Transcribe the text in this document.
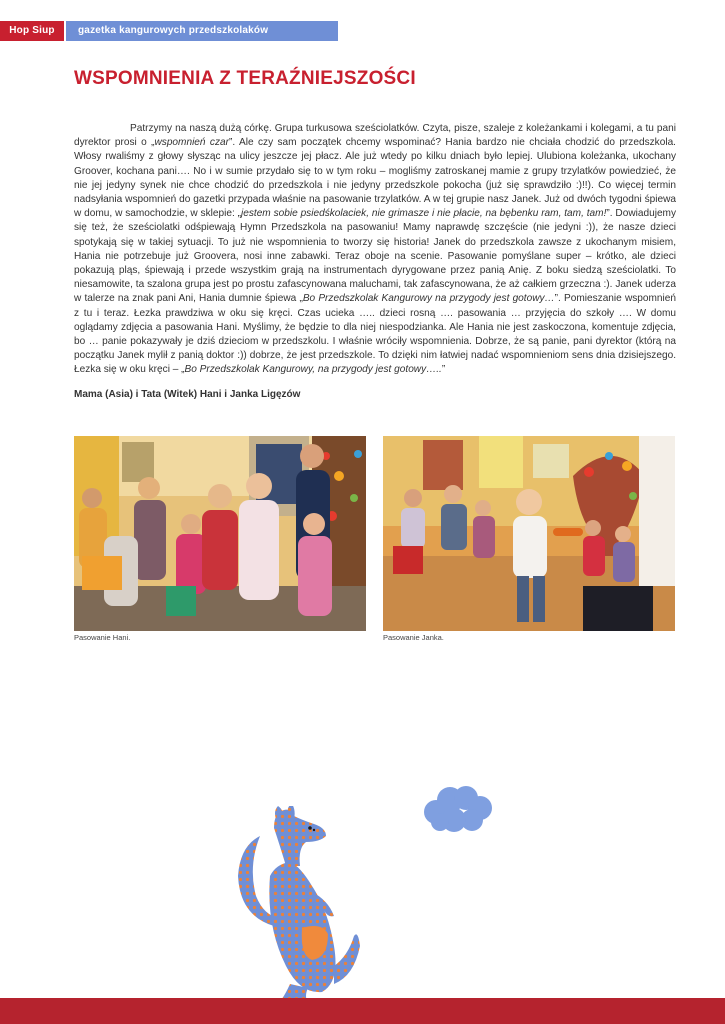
Hop Siup	gazetka kangurowych przedszkolaków
WSPOMNIENIA Z TERAŹNIEJSZOŚCI

Patrzymy na naszą dużą córkę. Grupa turkusowa sześciolatków. Czyta, pisze, szaleje z koleżankami i kolegami, a tu pani dyrektor prosi o „wspomnień czar”. Ale czy sam początek chcemy wspominać? Hania bardzo nie chciała chodzić do przedszkola. Włosy rwaliśmy z głowy słysząc na ulicy jeszcze jej płacz. Ale już wtedy po kilku dniach było lepiej. Ulubiona koleżanka, ukochany Groover, kochana pani…. No i w sumie przydało się to w tym roku – mogliśmy zatroskanej mamie z grupy trzylatków powiedzieć, że nie jej jedyny synek nie chce chodzić do przedszkola i nie jedyny przedszkole pokocha (już się sprawdziło :)!!). Co więcej termin nadsyłania wspomnień do gazetki przypada właśnie na pasowanie trzylatków. A w tej grupie nasz Janek. Już od dwóch tygodni śpiewa w domu, w samochodzie, w sklepie: „jestem sobie psiedśkolaciek, nie grimasze i nie płacie, na bębenku ram, tam, tam!”. Dowiadujemy się też, że sześciolatki odśpiewają Hymn Przedszkola na pasowaniu! Mamy naprawdę szczęście (nie jedyni :)), że nasze dzieci spotykają się w takiej sytuacji. To już nie wspomnienia to tworzy się historia! Janek do przedszkola zawsze z ukochanym misiem, Hania nie potrzebuje już Groovera, nosi inne zabawki. Teraz oboje na scenie. Pasowanie pomyślane super – krótko, ale dzieci pokazują pląs, śpiewają i przede wszystkim grają na instrumentach dyrygowane przez panią Anię. Z boku siedzą sześciolatki. To niesamowite, ta szalona grupa jest po prostu zafascynowana maluchami, tak zafascynowana, że aż całkiem grzeczna :). Janek uderza w talerze na znak pani Ani, Hania dumnie śpiewa „Bo Przedszkolak Kangurowy na przygody jest gotowy…”. Pomieszanie wspomnień z tu i teraz. Łezka prawdziwa w oku się kręci. Czas ucieka ….. dzieci rosną …. pasowania … przyjęcia do szkoły …. W domu oglądamy zdjęcia a pasowania Hani. Myślimy, że będzie to dla niej niespodzianka. Ale Hania nie jest zaskoczona, komentuje zdjęcia, bo … panie pokazywały je dziś dzieciom w przedszkolu. I właśnie wróciły wspomnienia. Dobrze, że są panie, pani dyrektor (którą na początku Janek mylił z panią doktor :)) dobrze, że jest przedszkole. To dzięki nim łatwiej nadać wspomnieniom sens dnia dzisiejszego. Łezka się w oku kręci – „Bo Przedszkolak Kangurowy, na przygody jest gotowy…..”

Mama (Asia) i Tata (Witek) Hani i Janka Ligęzów
Pasowanie Hani.	Pasowanie Janka.
